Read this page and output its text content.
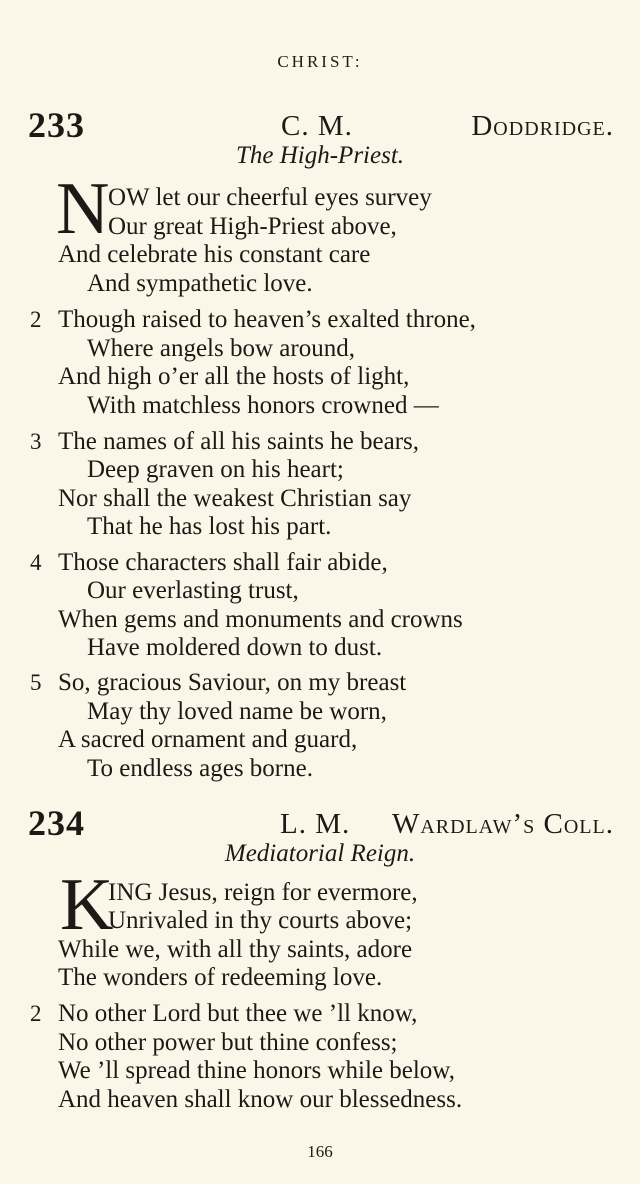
CHRIST:
233	C. M.	Doddridge.
The High-Priest.
N
OW let our cheerful eyes survey
Our great High-Priest above,
And celebrate his constant care
And sympathetic love.
2 Though raised to heaven’s exalted throne,
Where angels bow around,
And high o’er all the hosts of light,
With matchless honors crowned —
3 The names of all his saints he bears,
Deep graven on his heart;
Nor shall the weakest Christian say
That he has lost his part.
4 Those characters shall fair abide,
Our everlasting trust,
When gems and monuments and crowns
Have moldered down to dust.
5 So, gracious Saviour, on my breast
May thy loved name be worn,
A sacred ornament and guard,
To endless ages borne.
234	L. M. Wardlaw’s Coll.
Mediatorial Reign.
K
ING Jesus, reign for evermore,
Unrivaled in thy courts above;
While we, with all thy saints, adore
The wonders of redeeming love.
2 No other Lord but thee we ’ll know,
No other power but thine confess;
We ’ll spread thine honors while below,
And heaven shall know our blessedness.
166
